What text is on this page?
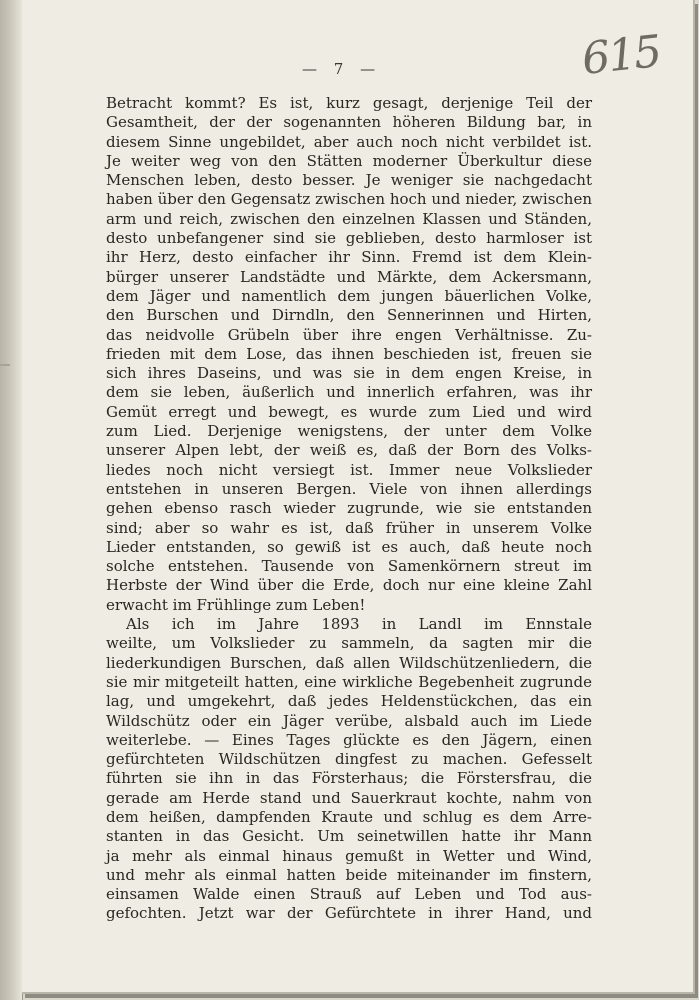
— 7 —	615
Betracht kommt? Es ist, kurz gesagt, derjenige Teil der
Gesamtheit, der der sogenannten höheren Bildung bar, in
diesem Sinne ungebildet, aber auch noch nicht verbildet ist.
Je weiter weg von den Stätten moderner Überkultur diese
Menschen leben, desto besser. Je weniger sie nachgedacht
haben über den Gegensatz zwischen hoch und nieder, zwischen
arm und reich, zwischen den einzelnen Klassen und Ständen,
desto unbefangener sind sie geblieben, desto harmloser ist
ihr Herz, desto einfacher ihr Sinn. Fremd ist dem Klein-
bürger unserer Landstädte und Märkte, dem Ackersmann,
dem Jäger und namentlich dem jungen bäuerlichen Volke,
den Burschen und Dirndln, den Sennerinnen und Hirten,
das neidvolle Grübeln über ihre engen Verhältnisse. Zu-
frieden mit dem Lose, das ihnen beschieden ist, freuen sie
sich ihres Daseins, und was sie in dem engen Kreise, in
dem sie leben, äußerlich und innerlich erfahren, was ihr
Gemüt erregt und bewegt, es wurde zum Lied und wird
zum Lied. Derjenige wenigstens, der unter dem Volke
unserer Alpen lebt, der weiß es, daß der Born des Volks-
liedes noch nicht versiegt ist. Immer neue Volkslieder
entstehen in unseren Bergen. Viele von ihnen allerdings
gehen ebenso rasch wieder zugrunde, wie sie entstanden
sind; aber so wahr es ist, daß früher in unserem Volke
Lieder entstanden, so gewiß ist es auch, daß heute noch
solche entstehen. Tausende von Samenkörnern streut im
Herbste der Wind über die Erde, doch nur eine kleine Zahl
erwacht im Frühlinge zum Leben!
Als ich im Jahre 1893 in Landl im Ennstale
weilte, um Volkslieder zu sammeln, da sagten mir die
liederkundigen Burschen, daß allen Wildschützenliedern, die
sie mir mitgeteilt hatten, eine wirkliche Begebenheit zugrunde
lag, und umgekehrt, daß jedes Heldenstückchen, das ein
Wildschütz oder ein Jäger verübe, alsbald auch im Liede
weiterlebe. — Eines Tages glückte es den Jägern, einen
gefürchteten Wildschützen dingfest zu machen. Gefesselt
führten sie ihn in das Försterhaus; die Förstersfrau, die
gerade am Herde stand und Sauerkraut kochte, nahm von
dem heißen, dampfenden Kraute und schlug es dem Arre-
stanten in das Gesicht. Um seinetwillen hatte ihr Mann
ja mehr als einmal hinaus gemußt in Wetter und Wind,
und mehr als einmal hatten beide miteinander im finstern,
einsamen Walde einen Strauß auf Leben und Tod aus-
gefochten. Jetzt war der Gefürchtete in ihrer Hand, und
